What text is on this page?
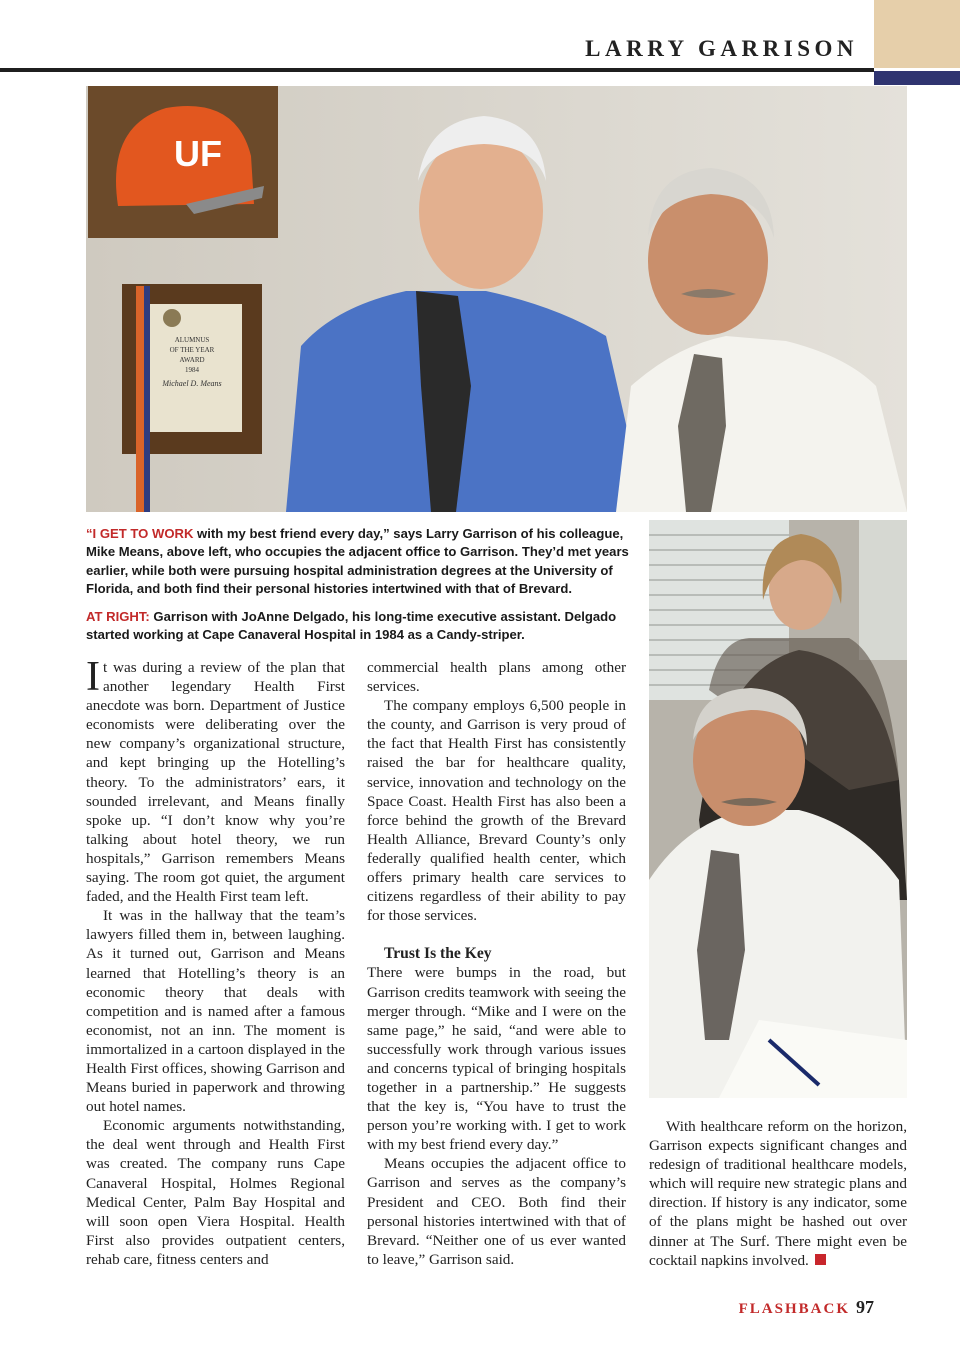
LARRY GARRISON
UF
ALUMNUS
OF THE YEAR
AWARD
1984
Michael D. Means
“I GET TO WORK with my best friend every day,” says Larry Garrison of his colleague, Mike Means, above left, who occupies the adjacent office to Garrison. They’d met years earlier, while both were pursuing hospital administration degrees at the University of Florida, and both find their personal histories intertwined with that of Brevard.
AT RIGHT: Garrison with JoAnne Delgado, his long-time executive assistant. Delgado started working at Cape Canaveral Hospital in 1984 as a Candy-striper.

It was during a review of the plan that another legendary Health First anecdote was born. Department of Justice economists were deliberating over the new company’s organizational structure, and kept bringing up the Hotelling’s theory. To the administrators’ ears, it sounded irrelevant, and Means finally spoke up. “I don’t know why you’re talking about hotel theory, we run hospitals,” Garrison remembers Means saying. The room got quiet, the argument faded, and the Health First team left.

It was in the hallway that the team’s lawyers filled them in, between laughing. As it turned out, Garrison and Means learned that Hotelling’s theory is an economic theory that deals with competition and is named after a famous economist, not an inn. The moment is immortalized in a cartoon displayed in the Health First offices, showing Garrison and Means buried in paperwork and throwing out hotel names.

Economic arguments notwithstanding, the deal went through and Health First was created. The company runs Cape Canaveral Hospital, Holmes Regional Medical Center, Palm Bay Hospital and will soon open Viera Hospital. Health First also provides outpatient centers, rehab care, fitness centers and

commercial health plans among other services.

The company employs 6,500 people in the county, and Garrison is very proud of the fact that Health First has consistently raised the bar for healthcare quality, service, innovation and technology on the Space Coast. Health First has also been a force behind the growth of the Brevard Health Alliance, Brevard County’s only federally qualified health center, which offers primary health care services to citizens regardless of their ability to pay for those services.

Trust Is the Key

There were bumps in the road, but Garrison credits teamwork with seeing the merger through. “Mike and I were on the same page,” he said, “and were able to successfully work through various issues and concerns typical of bringing hospitals together in a partnership.” He suggests that the key is, “You have to trust the person you’re working with. I get to work with my best friend every day.”

Means occupies the adjacent office to Garrison and serves as the company’s President and CEO. Both find their personal histories intertwined with that of Brevard. “Neither one of us ever wanted to leave,” Garrison said.

With healthcare reform on the horizon, Garrison expects significant changes and redesign of traditional healthcare models, which will require new strategic plans and direction. If history is any indicator, some of the plans might be hashed out over dinner at The Surf. There might even be cocktail napkins involved.

FLASHBACK 97
